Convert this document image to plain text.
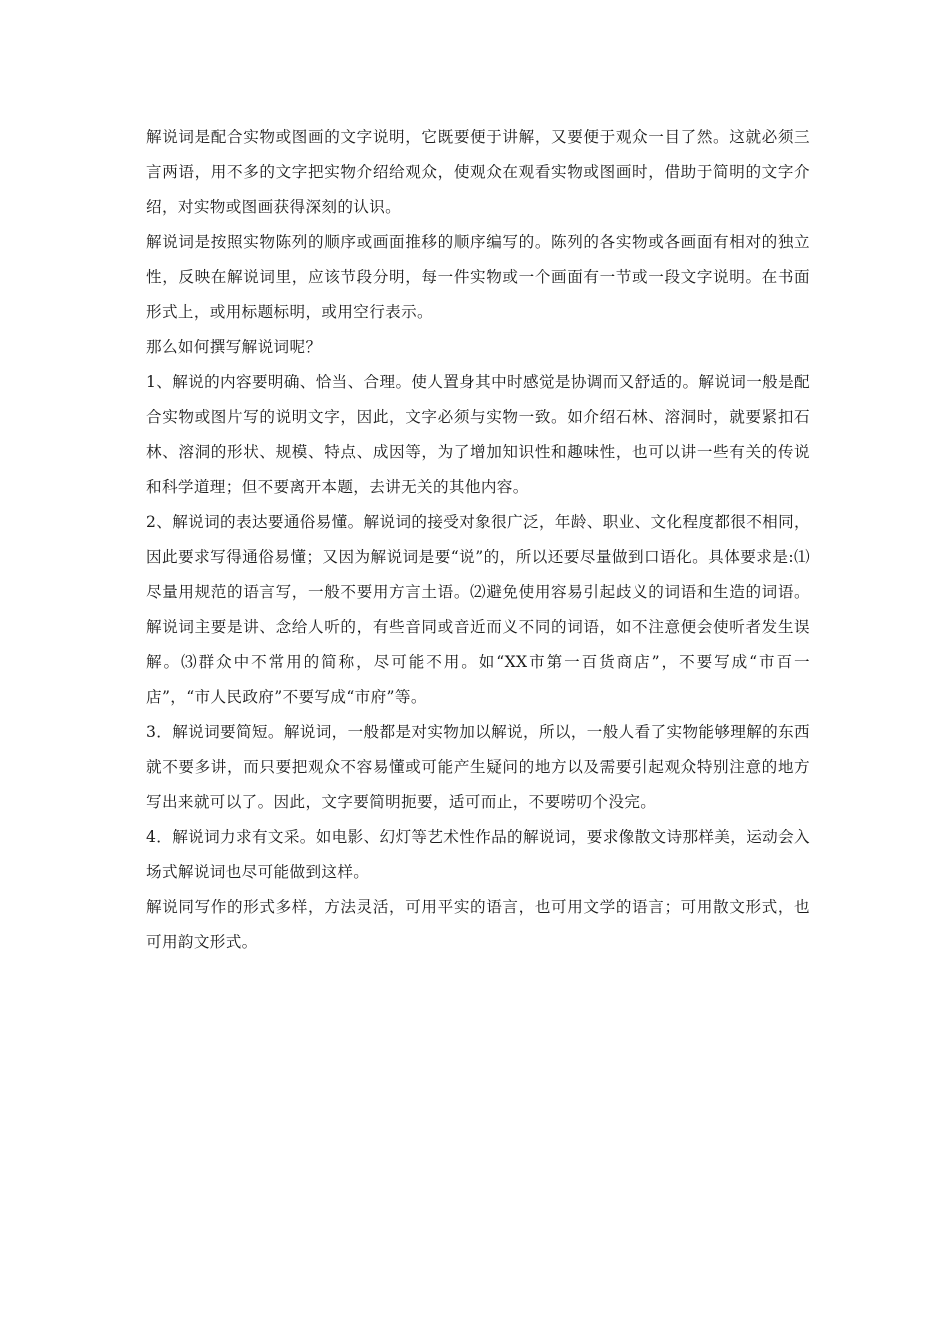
解说词是配合实物或图画的文字说明，它既要便于讲解，又要便于观众一目了然。这就必须三言两语，用不多的文字把实物介绍给观众，使观众在观看实物或图画时，借助于简明的文字介绍，对实物或图画获得深刻的认识。

解说词是按照实物陈列的顺序或画面推移的顺序编写的。陈列的各实物或各画面有相对的独立性，反映在解说词里，应该节段分明，每一件实物或一个画面有一节或一段文字说明。在书面形式上，或用标题标明，或用空行表示。

那么如何撰写解说词呢？

1、解说的内容要明确、恰当、合理。使人置身其中时感觉是协调而又舒适的。解说词一般是配合实物或图片写的说明文字，因此，文字必须与实物一致。如介绍石林、溶洞时，就要紧扣石林、溶洞的形状、规模、特点、成因等，为了增加知识性和趣味性，也可以讲一些有关的传说和科学道理；但不要离开本题，去讲无关的其他内容。

2、解说词的表达要通俗易懂。解说词的接受对象很广泛，年龄、职业、文化程度都很不相同，因此要求写得通俗易懂；又因为解说词是要“说”的，所以还要尽量做到口语化。具体要求是:⑴尽量用规范的语言写，一般不要用方言土语。⑵避免使用容易引起歧义的词语和生造的词语。解说词主要是讲、念给人听的，有些音同或音近而义不同的词语，如不注意便会使听者发生误解。⑶群众中不常用的简称，尽可能不用。如“XX市第一百货商店”，不要写成“市百一店”，“市人民政府”不要写成“市府”等。

3．解说词要简短。解说词，一般都是对实物加以解说，所以，一般人看了实物能够理解的东西就不要多讲，而只要把观众不容易懂或可能产生疑问的地方以及需要引起观众特别注意的地方写出来就可以了。因此，文字要简明扼要，适可而止，不要唠叨个没完。

4．解说词力求有文采。如电影、幻灯等艺术性作品的解说词，要求像散文诗那样美，运动会入场式解说词也尽可能做到这样。

解说同写作的形式多样，方法灵活，可用平实的语言，也可用文学的语言；可用散文形式，也可用韵文形式。
